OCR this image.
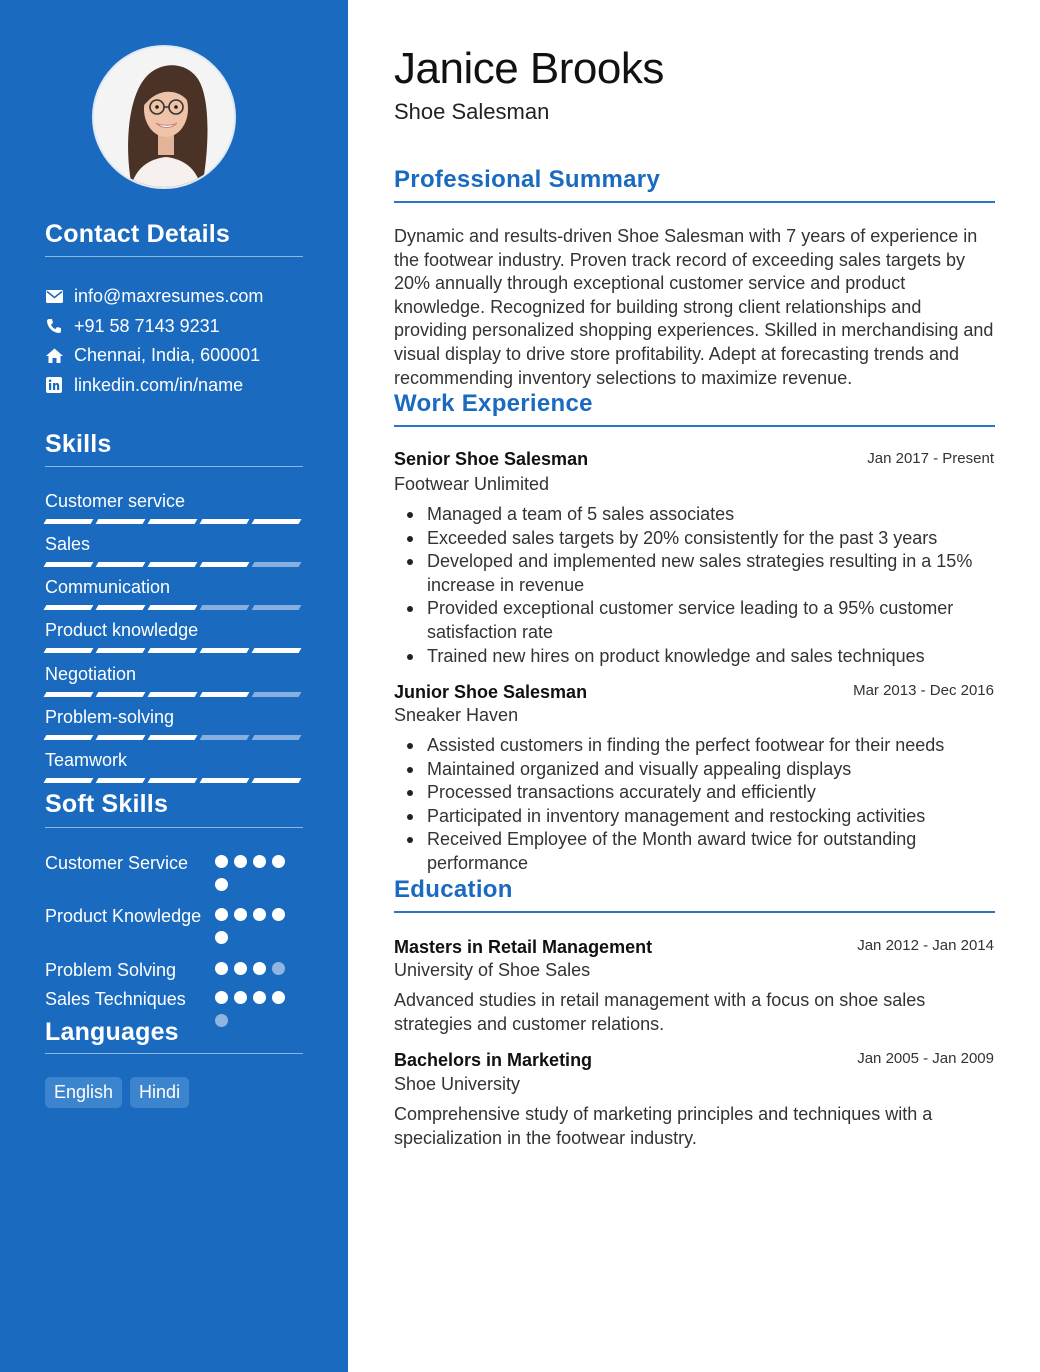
Contact Details
info@maxresumes.com
+91 58 7143 9231
Chennai, India, 600001
linkedin.com/in/name
Skills
Customer service
Sales
Communication
Product knowledge
Negotiation
Problem-solving
Teamwork
Soft Skills
Customer Service
Product Knowledge
Problem Solving
Sales Techniques
Languages
English	Hindi
Janice Brooks
Shoe Salesman
Professional Summary
Dynamic and results-driven Shoe Salesman with 7 years of experience in the footwear industry. Proven track record of exceeding sales targets by 20% annually through exceptional customer service and product knowledge. Recognized for building strong client relationships and providing personalized shopping experiences. Skilled in merchandising and visual display to drive store profitability. Adept at forecasting trends and recommending inventory selections to maximize revenue.
Work Experience
Senior Shoe Salesman	Jan 2017 - Present
Footwear Unlimited
Managed a team of 5 sales associates
Exceeded sales targets by 20% consistently for the past 3 years
Developed and implemented new sales strategies resulting in a 15% increase in revenue
Provided exceptional customer service leading to a 95% customer satisfaction rate
Trained new hires on product knowledge and sales techniques
Junior Shoe Salesman	Mar 2013 - Dec 2016
Sneaker Haven
Assisted customers in finding the perfect footwear for their needs
Maintained organized and visually appealing displays
Processed transactions accurately and efficiently
Participated in inventory management and restocking activities
Received Employee of the Month award twice for outstanding performance
Education
Masters in Retail Management	Jan 2012 - Jan 2014
University of Shoe Sales
Advanced studies in retail management with a focus on shoe sales strategies and customer relations.
Bachelors in Marketing	Jan 2005 - Jan 2009
Shoe University
Comprehensive study of marketing principles and techniques with a specialization in the footwear industry.
